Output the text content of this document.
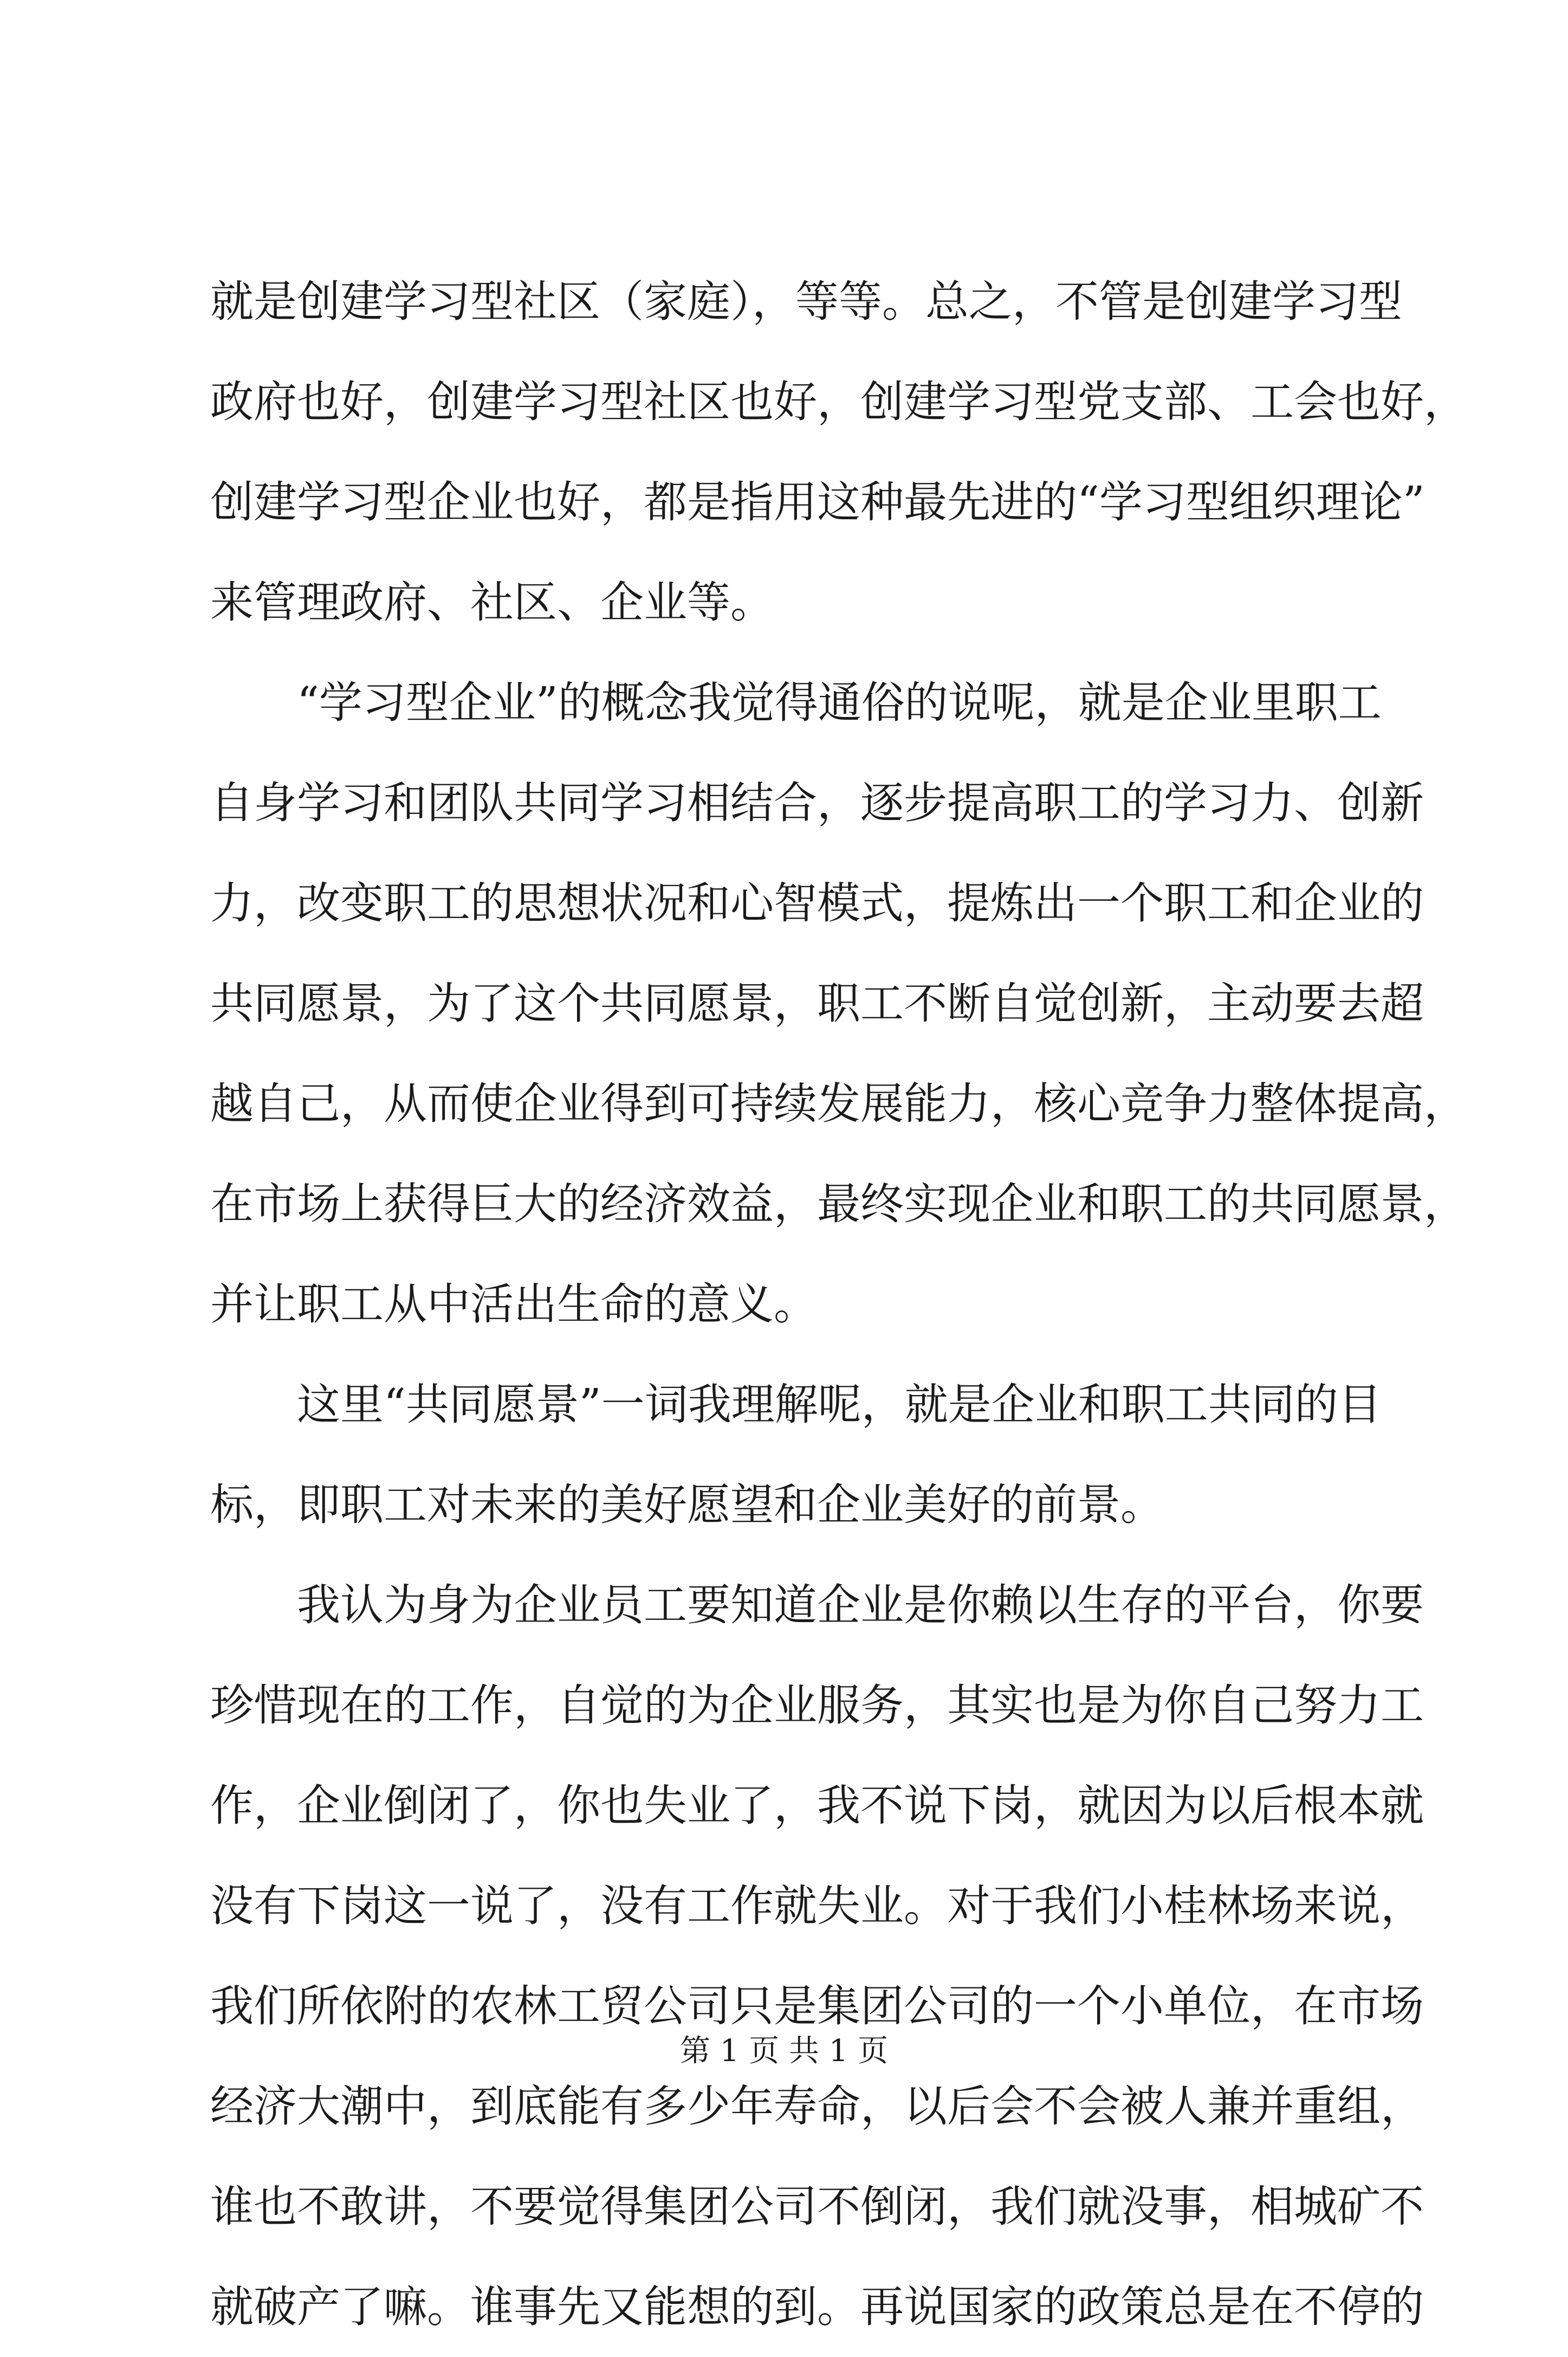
就是创建学习型社区（家庭），等等。总之，不管是创建学习型
政府也好，创建学习型社区也好，创建学习型党支部、工会也好，
创建学习型企业也好，都是指用这种最先进的“学习型组织理论”
来管理政府、社区、企业等。
“学习型企业”的概念我觉得通俗的说呢，就是企业里职工
自身学习和团队共同学习相结合，逐步提高职工的学习力、创新
力，改变职工的思想状况和心智模式，提炼出一个职工和企业的
共同愿景，为了这个共同愿景，职工不断自觉创新，主动要去超
越自己，从而使企业得到可持续发展能力，核心竞争力整体提高，
在市场上获得巨大的经济效益，最终实现企业和职工的共同愿景，
并让职工从中活出生命的意义。
这里“共同愿景”一词我理解呢，就是企业和职工共同的目
标，即职工对未来的美好愿望和企业美好的前景。
我认为身为企业员工要知道企业是你赖以生存的平台，你要
珍惜现在的工作，自觉的为企业服务，其实也是为你自己努力工
作，企业倒闭了，你也失业了，我不说下岗，就因为以后根本就
没有下岗这一说了，没有工作就失业。对于我们小桂林场来说，
我们所依附的农林工贸公司只是集团公司的一个小单位，在市场
经济大潮中，到底能有多少年寿命，以后会不会被人兼并重组，
谁也不敢讲，不要觉得集团公司不倒闭，我们就没事，相城矿不
就破产了嘛。谁事先又能想的到。再说国家的政策总是在不停的
第 1 页 共 1 页
